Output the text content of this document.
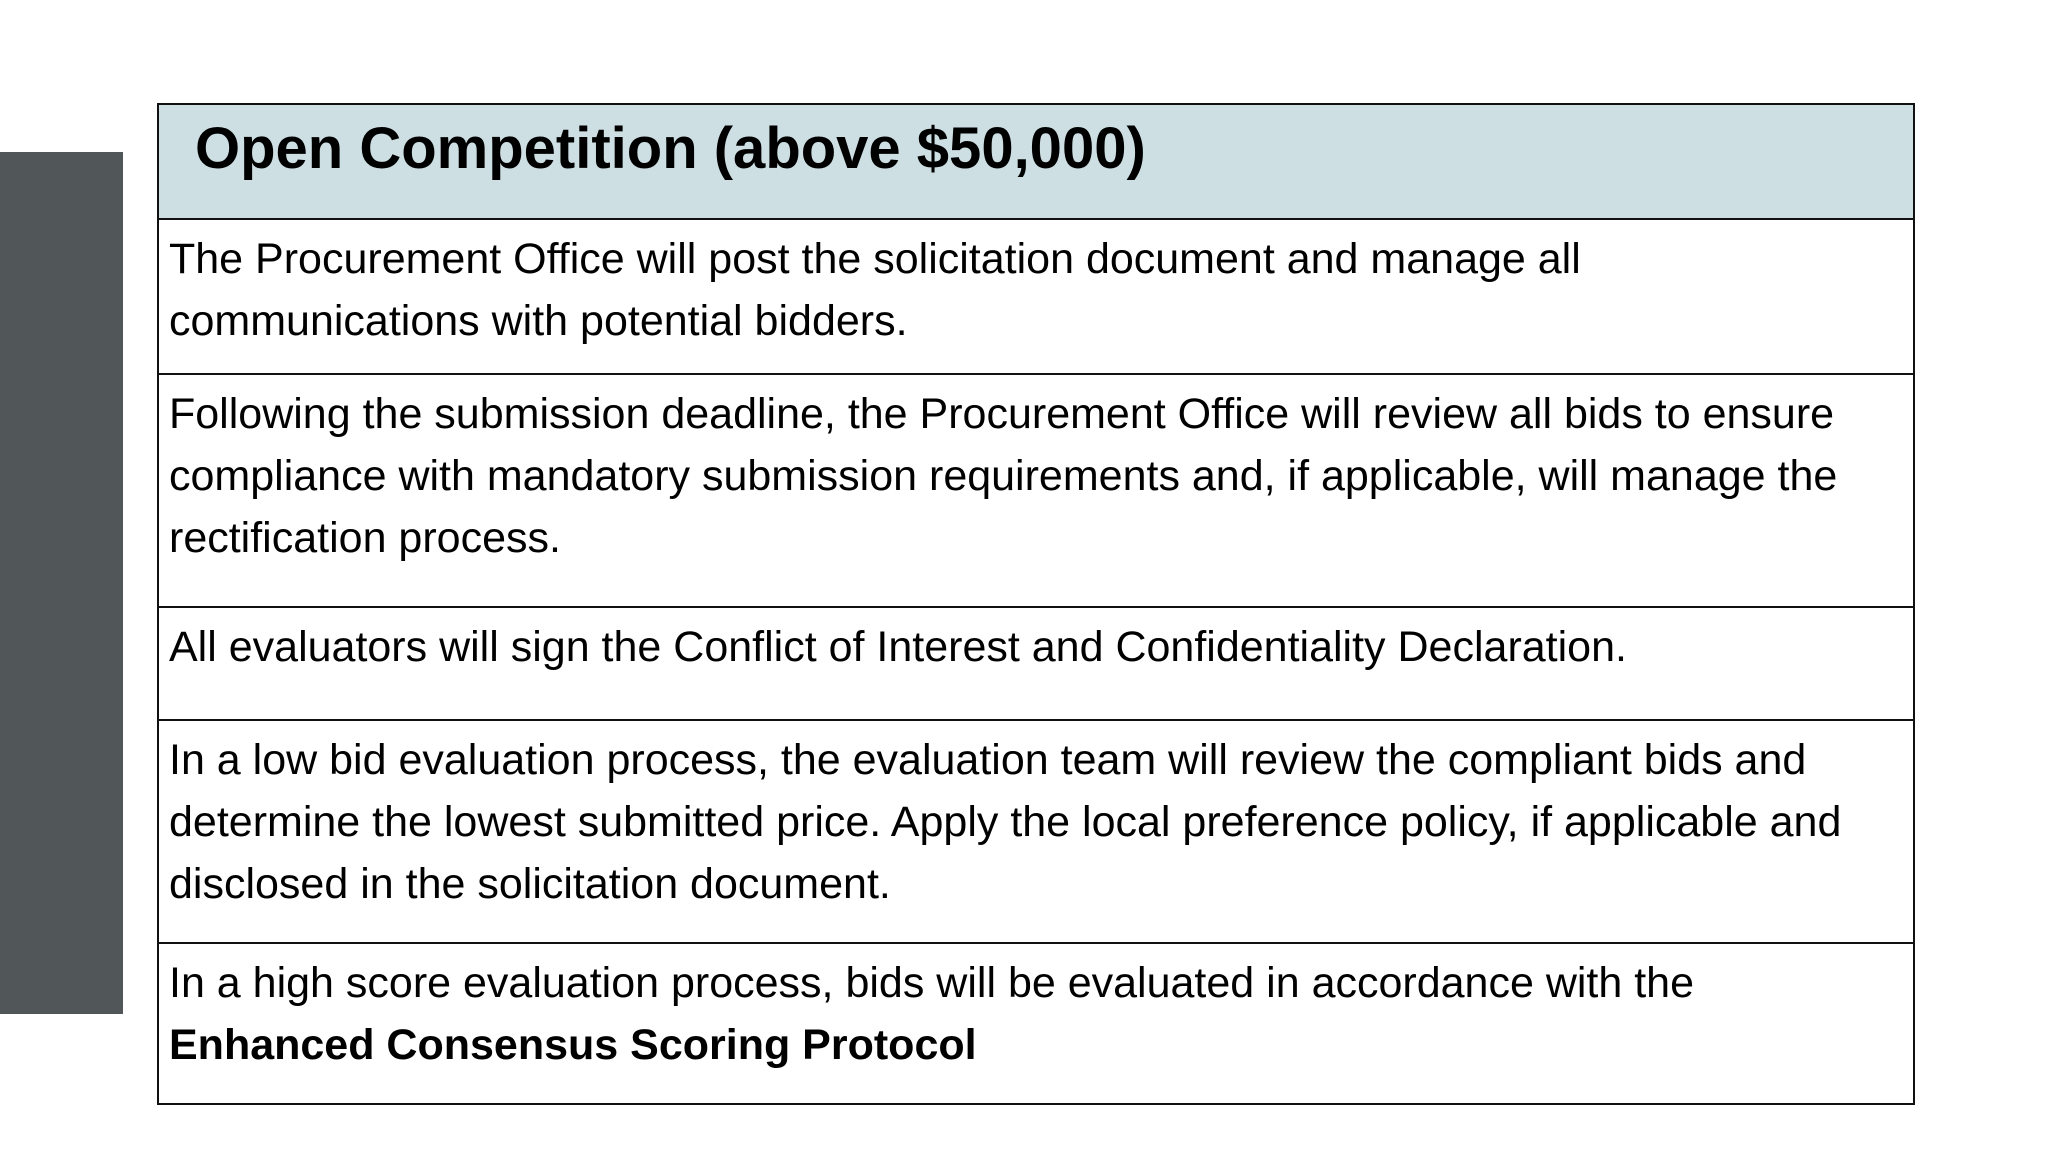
Open Competition (above $50,000)
The Procurement Office will post the solicitation document and manage all communications with potential bidders.
Following the submission deadline, the Procurement Office will review all bids to ensure compliance with mandatory submission requirements and, if applicable, will manage the rectification process.
All evaluators will sign the Conflict of Interest and Confidentiality Declaration.
In a low bid evaluation process, the evaluation team will review the compliant bids and determine the lowest submitted price. Apply the local preference policy, if applicable and disclosed in the solicitation document.
In a high score evaluation process, bids will be evaluated in accordance with the
Enhanced Consensus Scoring Protocol
